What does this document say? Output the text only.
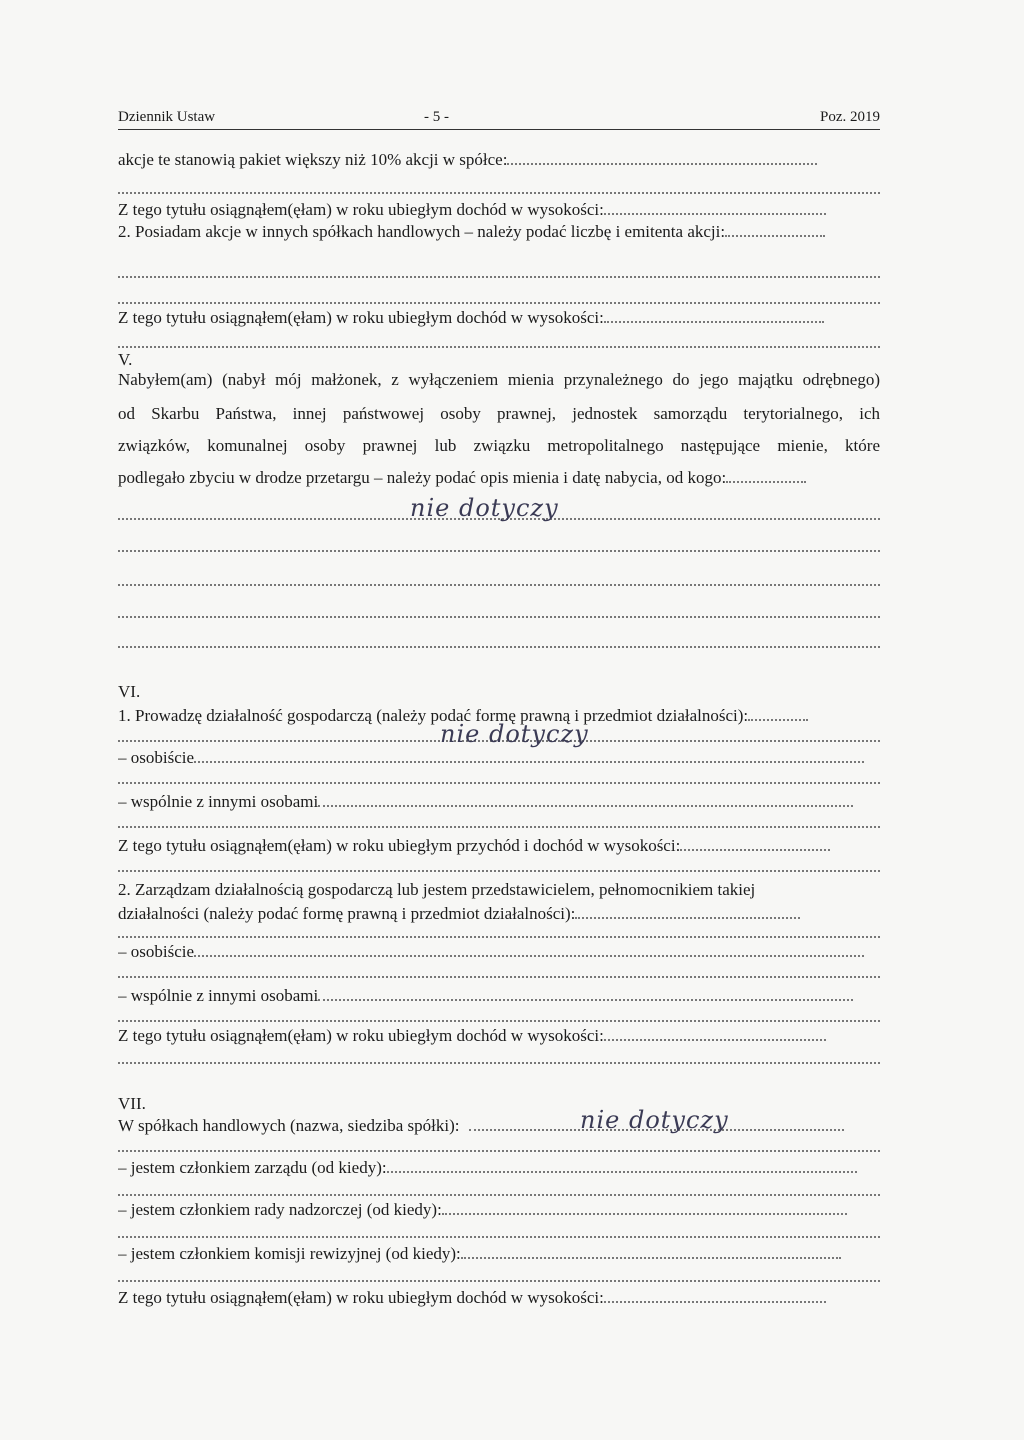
Dziennik Ustaw	- 5 -	Poz. 2019
akcje te stanowią pakiet większy niż 10% akcji w spółce:
Z tego tytułu osiągnąłem(ęłam) w roku ubiegłym dochód w wysokości:
2. Posiadam akcje w innych spółkach handlowych – należy podać liczbę i emitenta akcji:
Z tego tytułu osiągnąłem(ęłam) w roku ubiegłym dochód w wysokości:
V.
Nabyłem(am) (nabył mój małżonek, z wyłączeniem mienia przynależnego do jego majątku odrębnego)
od Skarbu Państwa, innej państwowej osoby prawnej, jednostek samorządu terytorialnego, ich
związków, komunalnej osoby prawnej lub związku metropolitalnego następujące mienie, które
podlegało zbyciu w drodze przetargu – należy podać opis mienia i datę nabycia, od kogo:
nie dotyczy
VI.
1. Prowadzę działalność gospodarczą (należy podać formę prawną i przedmiot działalności):
nie dotyczy
– osobiście
– wspólnie z innymi osobami
Z tego tytułu osiągnąłem(ęłam) w roku ubiegłym przychód i dochód w wysokości:
2. Zarządzam działalnością gospodarczą lub jestem przedstawicielem, pełnomocnikiem takiej
działalności (należy podać formę prawną i przedmiot działalności):
– osobiście
– wspólnie z innymi osobami
Z tego tytułu osiągnąłem(ęłam) w roku ubiegłym dochód w wysokości:
VII.
W spółkach handlowych (nazwa, siedziba spółki):	nie dotyczy
– jestem członkiem zarządu (od kiedy):
– jestem członkiem rady nadzorczej (od kiedy):
– jestem członkiem komisji rewizyjnej (od kiedy):
Z tego tytułu osiągnąłem(ęłam) w roku ubiegłym dochód w wysokości:
